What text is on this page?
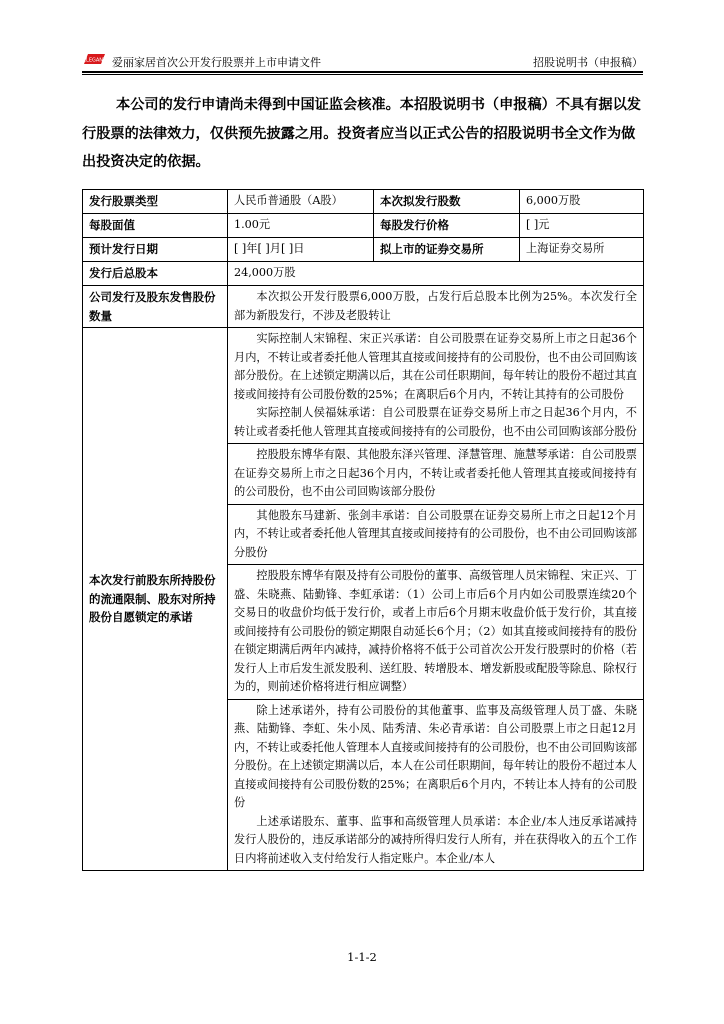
ELEGANT 爱丽家居首次公开发行股票并上市申请文件	招股说明书（申报稿）
本公司的发行申请尚未得到中国证监会核准。本招股说明书（申报稿）不具有据以发行股票的法律效力，仅供预先披露之用。投资者应当以正式公告的招股说明书全文作为做出投资决定的依据。
发行股票类型	人民币普通股（A股）	本次拟发行股数	6,000万股
每股面值	1.00元	每股发行价格	[ ]元
预计发行日期	[ ]年[ ]月[ ]日	拟上市的证券交易所	上海证券交易所
发行后总股本	24,000万股		
公司发行及股东发售股份数量	本次拟公开发行股票6,000万股，占发行后总股本比例为25%。本次发行全部为新股发行，不涉及老股转让		

本次发行前股东所持股份的流通限制、股东对所持股份自愿锁定的承诺	实际控制人宋锦程、宋正兴承诺：自公司股票在证券交易所上市之日起36个月内，不转让或者委托他人管理其直接或间接持有的公司股份，也不由公司回购该部分股份。在上述锁定期满以后，其在公司任职期间，每年转让的股份不超过其直接或间接持有公司股份数的25%；在离职后6个月内，不转让其持有的公司股份

实际控制人侯福妹承诺：自公司股票在证券交易所上市之日起36个月内，不转让或者委托他人管理其直接或间接持有的公司股份，也不由公司回购该部分股份		

	控股股东博华有限、其他股东泽兴管理、泽慧管理、施慧琴承诺：自公司股票在证券交易所上市之日起36个月内，不转让或者委托他人管理其直接或间接持有的公司股份，也不由公司回购该部分股份		

	其他股东马建新、张剑丰承诺：自公司股票在证券交易所上市之日起12个月内，不转让或者委托他人管理其直接或间接持有的公司股份，也不由公司回购该部分股份		

	控股股东博华有限及持有公司股份的董事、高级管理人员宋锦程、宋正兴、丁盛、朱晓燕、陆勤锋、李虹承诺：（1）公司上市后6个月内如公司股票连续20个交易日的收盘价均低于发行价，或者上市后6个月期末收盘价低于发行价，其直接或间接持有公司股份的锁定期限自动延长6个月；（2）如其直接或间接持有的股份在锁定期满后两年内减持，减持价格将不低于公司首次公开发行股票时的价格（若发行人上市后发生派发股利、送红股、转增股本、增发新股或配股等除息、除权行为的，则前述价格将进行相应调整）		

	除上述承诺外，持有公司股份的其他董事、监事及高级管理人员丁盛、朱晓燕、陆勤锋、李虹、朱小凤、陆秀清、朱必青承诺：自公司股票上市之日起12月内，不转让或委托他人管理本人直接或间接持有的公司股份，也不由公司回购该部分股份。在上述锁定期满以后，本人在公司任职期间，每年转让的股份不超过本人直接或间接持有公司股份数的25%；在离职后6个月内，不转让本人持有的公司股份

上述承诺股东、董事、监事和高级管理人员承诺：本企业/本人违反承诺减持发行人股份的，违反承诺部分的减持所得归发行人所有，并在获得收入的五个工作日内将前述收入支付给发行人指定账户。本企业/本人		

1-1-2
